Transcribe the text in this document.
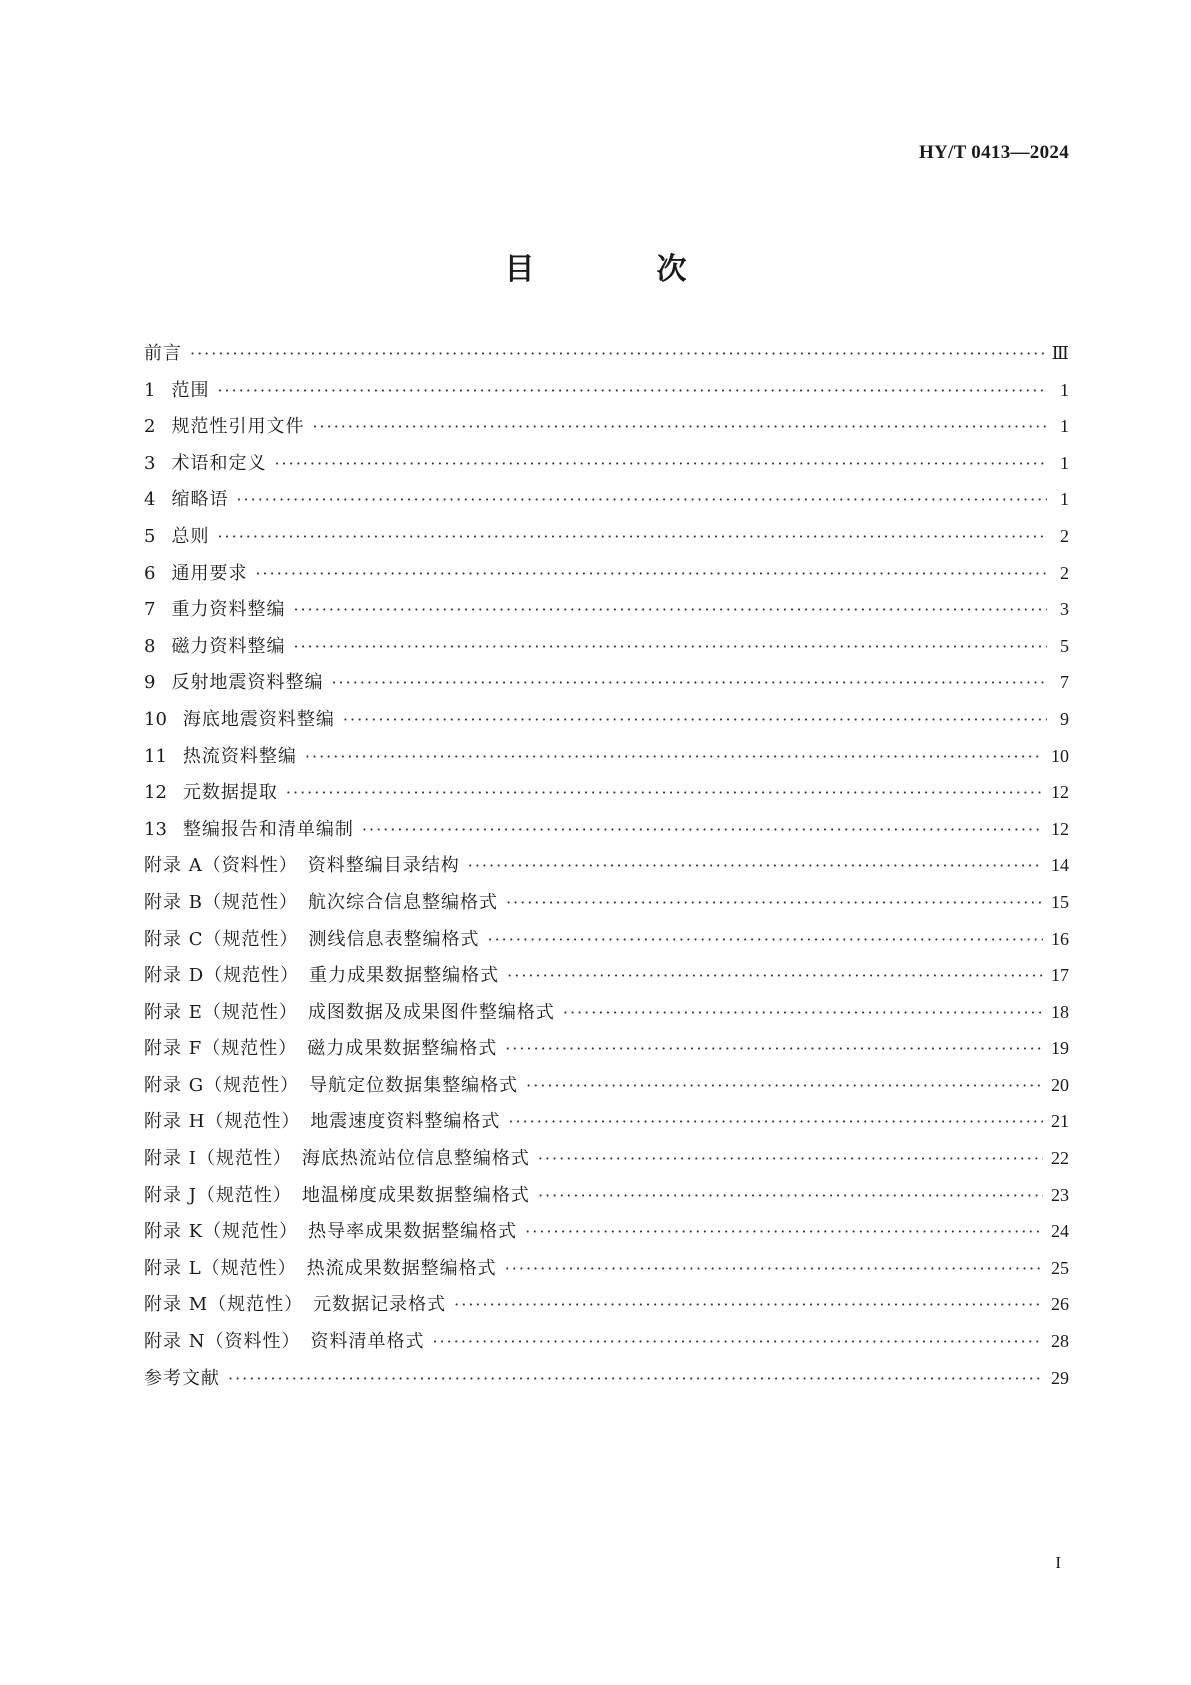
HY/T 0413—2024
目　次
前言 ·····	Ⅲ
1 范围 ·····	1
2 规范性引用文件 ·····	1
3 术语和定义 ·····	1
4 缩略语 ·····	1
5 总则 ·····	2
6 通用要求 ·····	2
7 重力资料整编 ·····	3
8 磁力资料整编 ·····	5
9 反射地震资料整编 ·····	7
10 海底地震资料整编 ·····	9
11 热流资料整编 ·····	10
12 元数据提取 ·····	12
13 整编报告和清单编制 ·····	12
附录 A（资料性）　资料整编目录结构 ·····	14
附录 B（规范性）　航次综合信息整编格式 ·····	15
附录 C（规范性）　测线信息表整编格式 ·····	16
附录 D（规范性）　重力成果数据整编格式 ·····	17
附录 E（规范性）　成图数据及成果图件整编格式 ·····	18
附录 F（规范性）　磁力成果数据整编格式 ·····	19
附录 G（规范性）　导航定位数据集整编格式 ·····	20
附录 H（规范性）　地震速度资料整编格式 ·····	21
附录 I（规范性）　海底热流站位信息整编格式 ·····	22
附录 J（规范性）　地温梯度成果数据整编格式 ·····	23
附录 K（规范性）　热导率成果数据整编格式 ·····	24
附录 L（规范性）　热流成果数据整编格式 ·····	25
附录 M（规范性）　元数据记录格式 ·····	26
附录 N（资料性）　资料清单格式 ·····	28
参考文献 ·····	29
I
